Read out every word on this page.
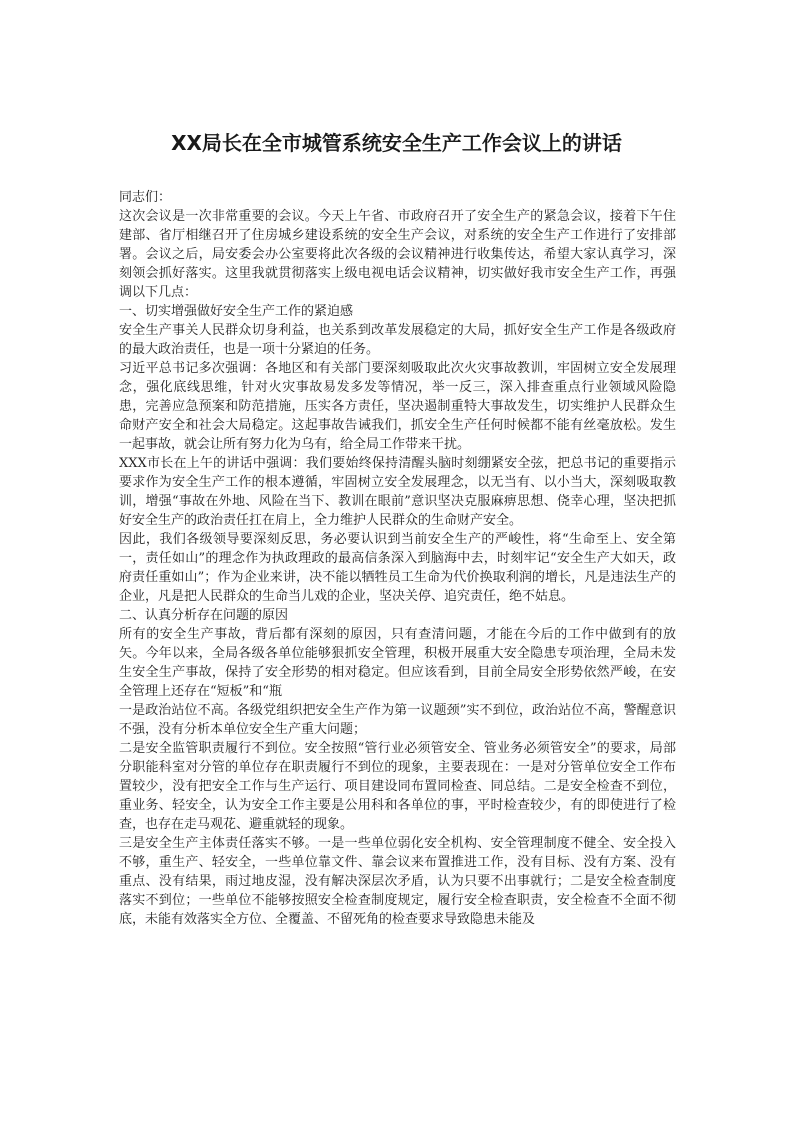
XX局长在全市城管系统安全生产工作会议上的讲话

同志们：

这次会议是一次非常重要的会议。今天上午省、市政府召开了安全生产的紧急会议，接着下午住建部、省厅相继召开了住房城乡建设系统的安全生产会议，对系统的安全生产工作进行了安排部署。会议之后，局安委会办公室要将此次各级的会议精神进行收集传达，希望大家认真学习，深刻领会抓好落实。这里我就贯彻落实上级电视电话会议精神，切实做好我市安全生产工作，再强调以下几点：

一、切实增强做好安全生产工作的紧迫感

安全生产事关人民群众切身利益，也关系到改革发展稳定的大局，抓好安全生产工作是各级政府的最大政治责任，也是一项十分紧迫的任务。

习近平总书记多次强调：各地区和有关部门要深刻吸取此次火灾事故教训，牢固树立安全发展理念，强化底线思维，针对火灾事故易发多发等情况，举一反三，深入排查重点行业领域风险隐患，完善应急预案和防范措施，压实各方责任，坚决遏制重特大事故发生，切实维护人民群众生命财产安全和社会大局稳定。这起事故告诫我们，抓安全生产任何时候都不能有丝毫放松。发生一起事故，就会让所有努力化为乌有，给全局工作带来干扰。

XXX市长在上午的讲话中强调：我们要始终保持清醒头脑时刻绷紧安全弦，把总书记的重要指示要求作为安全生产工作的根本遵循，牢固树立安全发展理念，以无当有、以小当大，深刻吸取教训，增强“事故在外地、风险在当下、教训在眼前”意识坚决克服麻痹思想、侥幸心理，坚决把抓好安全生产的政治责任扛在肩上，全力维护人民群众的生命财产安全。

因此，我们各级领导要深刻反思，务必要认识到当前安全生产的严峻性，将“生命至上、安全第一，责任如山”的理念作为执政理政的最高信条深入到脑海中去，时刻牢记“安全生产大如天，政府责任重如山”；作为企业来讲，决不能以牺牲员工生命为代价换取利润的增长，凡是违法生产的企业，凡是把人民群众的生命当儿戏的企业，坚决关停、追究责任，绝不姑息。

二、认真分析存在问题的原因

所有的安全生产事故，背后都有深刻的原因，只有查清问题，才能在今后的工作中做到有的放矢。今年以来，全局各级各单位能够狠抓安全管理，积极开展重大安全隐患专项治理，全局未发生安全生产事故，保持了安全形势的相对稳定。但应该看到，目前全局安全形势依然严峻，在安全管理上还存在“短板”和“瓶

一是政治站位不高。各级党组织把安全生产作为第一议题颈”实不到位，政治站位不高，警醒意识不强，没有分析本单位安全生产重大问题；

二是安全监管职责履行不到位。安全按照“管行业必须管安全、管业务必须管安全”的要求，局部分职能科室对分管的单位存在职责履行不到位的现象，主要表现在：一是对分管单位安全工作布置较少，没有把安全工作与生产运行、项目建设同布置同检查、同总结。二是安全检查不到位，重业务、轻安全，认为安全工作主要是公用科和各单位的事，平时检查较少，有的即使进行了检查，也存在走马观花、避重就轻的现象。

三是安全生产主体责任落实不够。一是一些单位弱化安全机构、安全管理制度不健全、安全投入不够，重生产、轻安全，一些单位靠文件、靠会议来布置推进工作，没有目标、没有方案、没有重点、没有结果，雨过地皮湿，没有解决深层次矛盾，认为只要不出事就行；二是安全检查制度落实不到位；一些单位不能够按照安全检查制度规定，履行安全检查职责，安全检查不全面不彻底，未能有效落实全方位、全覆盖、不留死角的检查要求导致隐患未能及
